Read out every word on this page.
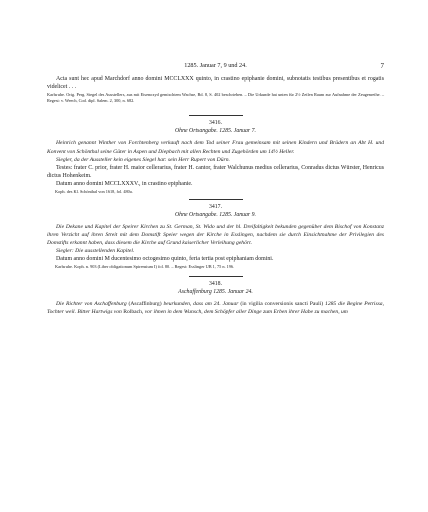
1285. Januar 7, 9 und 24.	7

Acta sunt hec apud Marchdorf anno domini MCCLXXX quinto, in crastino epiphanie domini, subnotatis testibus presentibus et rogatis videlicet . . .

Karlsruhe. Orig. Perg. Siegel des Ausstellers, aus mit Eisenoxyd gemischtem Wachse, Bd. 8, S. 402 beschrieben. – Die Urkunde hat unten für 2½ Zeilen Raum zur Aufnahme der Zeugenreihe. – Regest: v. Weech, Cod. dipl. Salem. 2, 300, n. 682.

3416.
Ohne Ortsangabe. 1285. Januar 7.

Heinrich genannt Winther von Forchtenberg verkauft nach dem Tod seiner Frau gemeinsam mit seinen Kindern und Brüdern an Abt H. und Konvent von Schönthal seine Güter in Aspen und Diepbach mit allen Rechten und Zugehörden um 14½ Heller.

Siegler, da der Aussteller kein eigenes Siegel hat: sein Herr Rupert von Dürn.

Testes: frater C. prior, frater H. maior cellerarius, frater H. cantor, frater Walchunus medius cellerarius, Conradus dictus Würster, Henricus dictus Hohenkeim.

Datum anno domini MCCLXXXV., in crastino epiphanie.

Koph. des Kl. Schönthal von 1618, fol. 480a.

3417.
Ohne Ortsangabe. 1285. Januar 9.

Die Dekane und Kapitel der Speirer Kirchen zu St. German, St. Wido und der hl. Dreifaltigkeit bekunden gegenüber dem Bischof von Konstanz ihren Verzicht auf ihren Streit mit dem Domstift Speier wegen der Kirche in Esslingen, nachdem sie durch Einsichtnahme der Privilegien des Domstifts erkannt haben, dass diesem die Kirche auf Grund kaiserlicher Verleihung gehört.

Siegler: Die ausstellenden Kapitel.

Datum anno domini M ducentesimo octogesimo quinto, feria tertia post epiphaniam domini.

Karlsruhe. Koph. n. 903 (Liber obligationum Spirensium I) fol. 80. – Regest: Esslinger UB 1, 75 n. 196.

3418.
Aschaffenburg 1285. Januar 24.

Die Richter von Aschaffenburg (Ascaffinburg) beurkunden, dass am 24. Januar (in vigilia conversionis sancti Pauli) 1285 die Begine Petrissa, Tochter weil. Bitter Hartwigs von Rolbach, vor ihnen in dem Wunsch, dem Schöpfer aller Dinge zum Erben ihrer Habe zu machen, um
